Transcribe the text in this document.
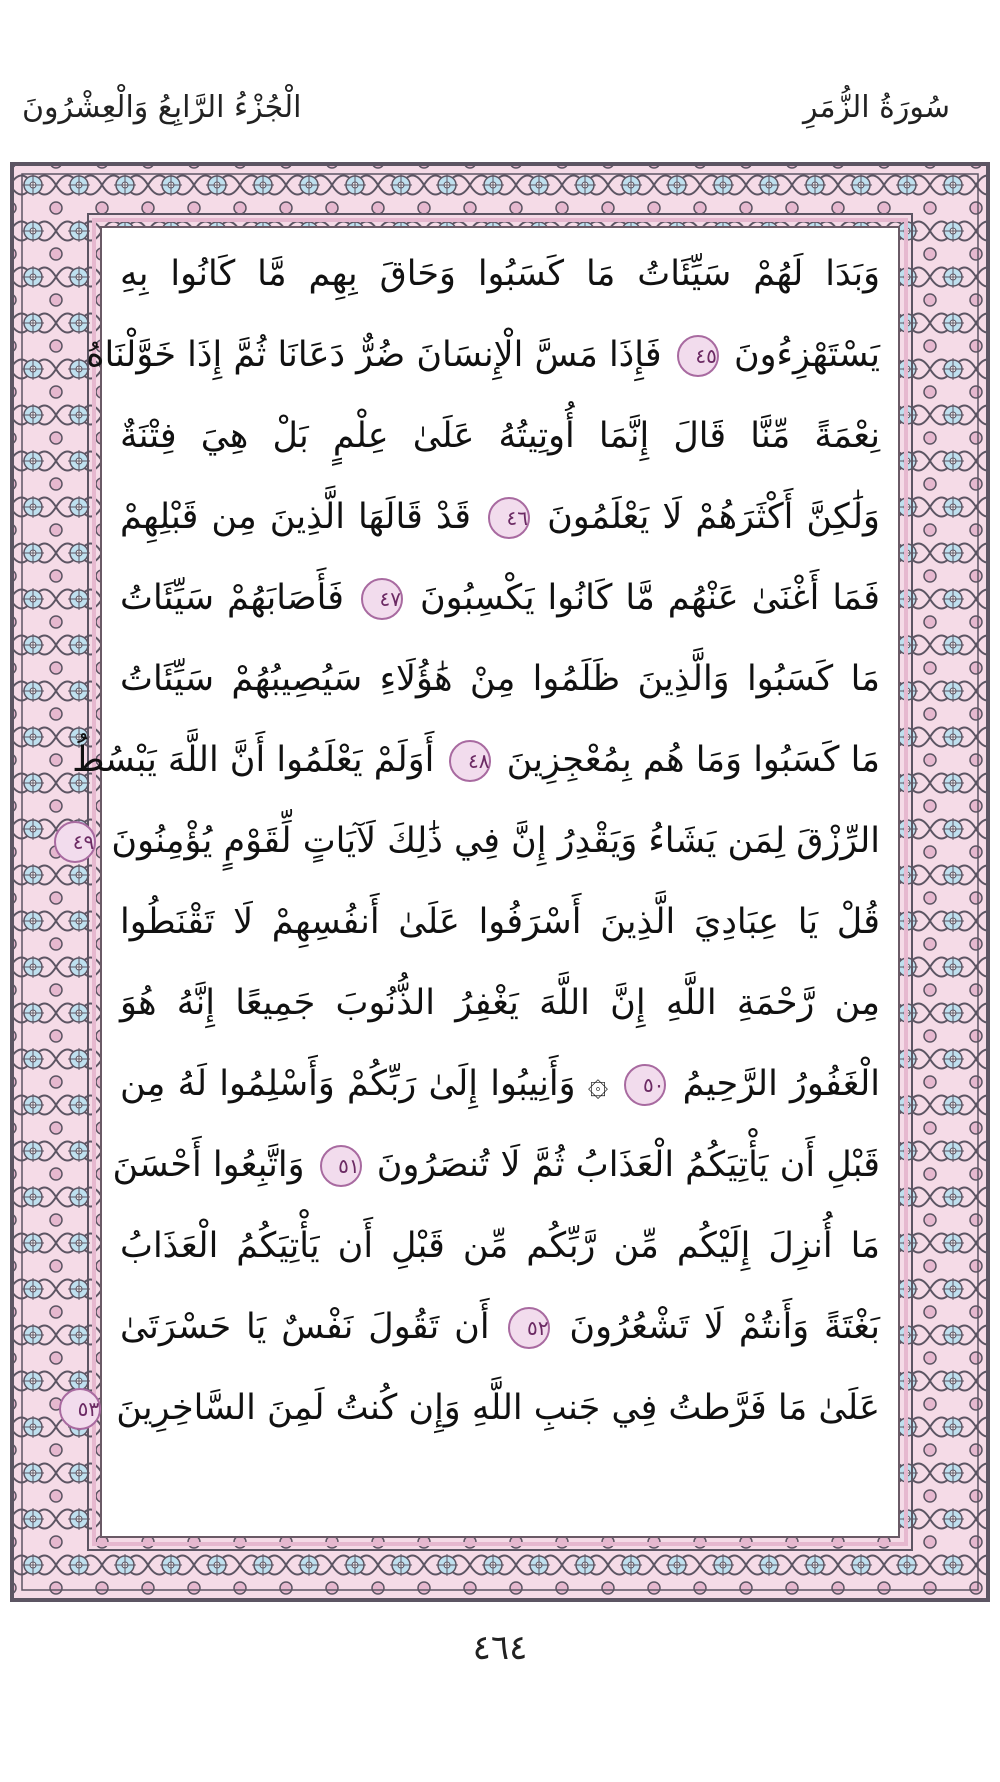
سُورَةُ الزُّمَرِ
الْجُزْءُ الرَّابِعُ وَالْعِشْرُونَ
وَبَدَا لَهُمْ سَيِّئَاتُ مَا كَسَبُوا وَحَاقَ بِهِم مَّا كَانُوا بِهِ
يَسْتَهْزِءُونَ ٤٥ فَإِذَا مَسَّ الْإِنسَانَ ضُرٌّ دَعَانَا ثُمَّ إِذَا خَوَّلْنَاهُ
نِعْمَةً مِّنَّا قَالَ إِنَّمَا أُوتِيتُهُ عَلَىٰ عِلْمٍ بَلْ هِيَ فِتْنَةٌ
وَلَٰكِنَّ أَكْثَرَهُمْ لَا يَعْلَمُونَ ٤٦ قَدْ قَالَهَا الَّذِينَ مِن قَبْلِهِمْ
فَمَا أَغْنَىٰ عَنْهُم مَّا كَانُوا يَكْسِبُونَ ٤٧ فَأَصَابَهُمْ سَيِّئَاتُ
مَا كَسَبُوا وَالَّذِينَ ظَلَمُوا مِنْ هَٰؤُلَاءِ سَيُصِيبُهُمْ سَيِّئَاتُ
مَا كَسَبُوا وَمَا هُم بِمُعْجِزِينَ ٤٨ أَوَلَمْ يَعْلَمُوا أَنَّ اللَّهَ يَبْسُطُ
الرِّزْقَ لِمَن يَشَاءُ وَيَقْدِرُ إِنَّ فِي ذَٰلِكَ لَآيَاتٍ لِّقَوْمٍ يُؤْمِنُونَ ٤٩
قُلْ يَا عِبَادِيَ الَّذِينَ أَسْرَفُوا عَلَىٰ أَنفُسِهِمْ لَا تَقْنَطُوا
مِن رَّحْمَةِ اللَّهِ إِنَّ اللَّهَ يَغْفِرُ الذُّنُوبَ جَمِيعًا إِنَّهُ هُوَ
الْغَفُورُ الرَّحِيمُ ٥٠ ۞ وَأَنِيبُوا إِلَىٰ رَبِّكُمْ وَأَسْلِمُوا لَهُ مِن
قَبْلِ أَن يَأْتِيَكُمُ الْعَذَابُ ثُمَّ لَا تُنصَرُونَ ٥١ وَاتَّبِعُوا أَحْسَنَ
مَا أُنزِلَ إِلَيْكُم مِّن رَّبِّكُم مِّن قَبْلِ أَن يَأْتِيَكُمُ الْعَذَابُ
بَغْتَةً وَأَنتُمْ لَا تَشْعُرُونَ ٥٢ أَن تَقُولَ نَفْسٌ يَا حَسْرَتَىٰ
عَلَىٰ مَا فَرَّطتُ فِي جَنبِ اللَّهِ وَإِن كُنتُ لَمِنَ السَّاخِرِينَ ٥٣
٤٦٤
